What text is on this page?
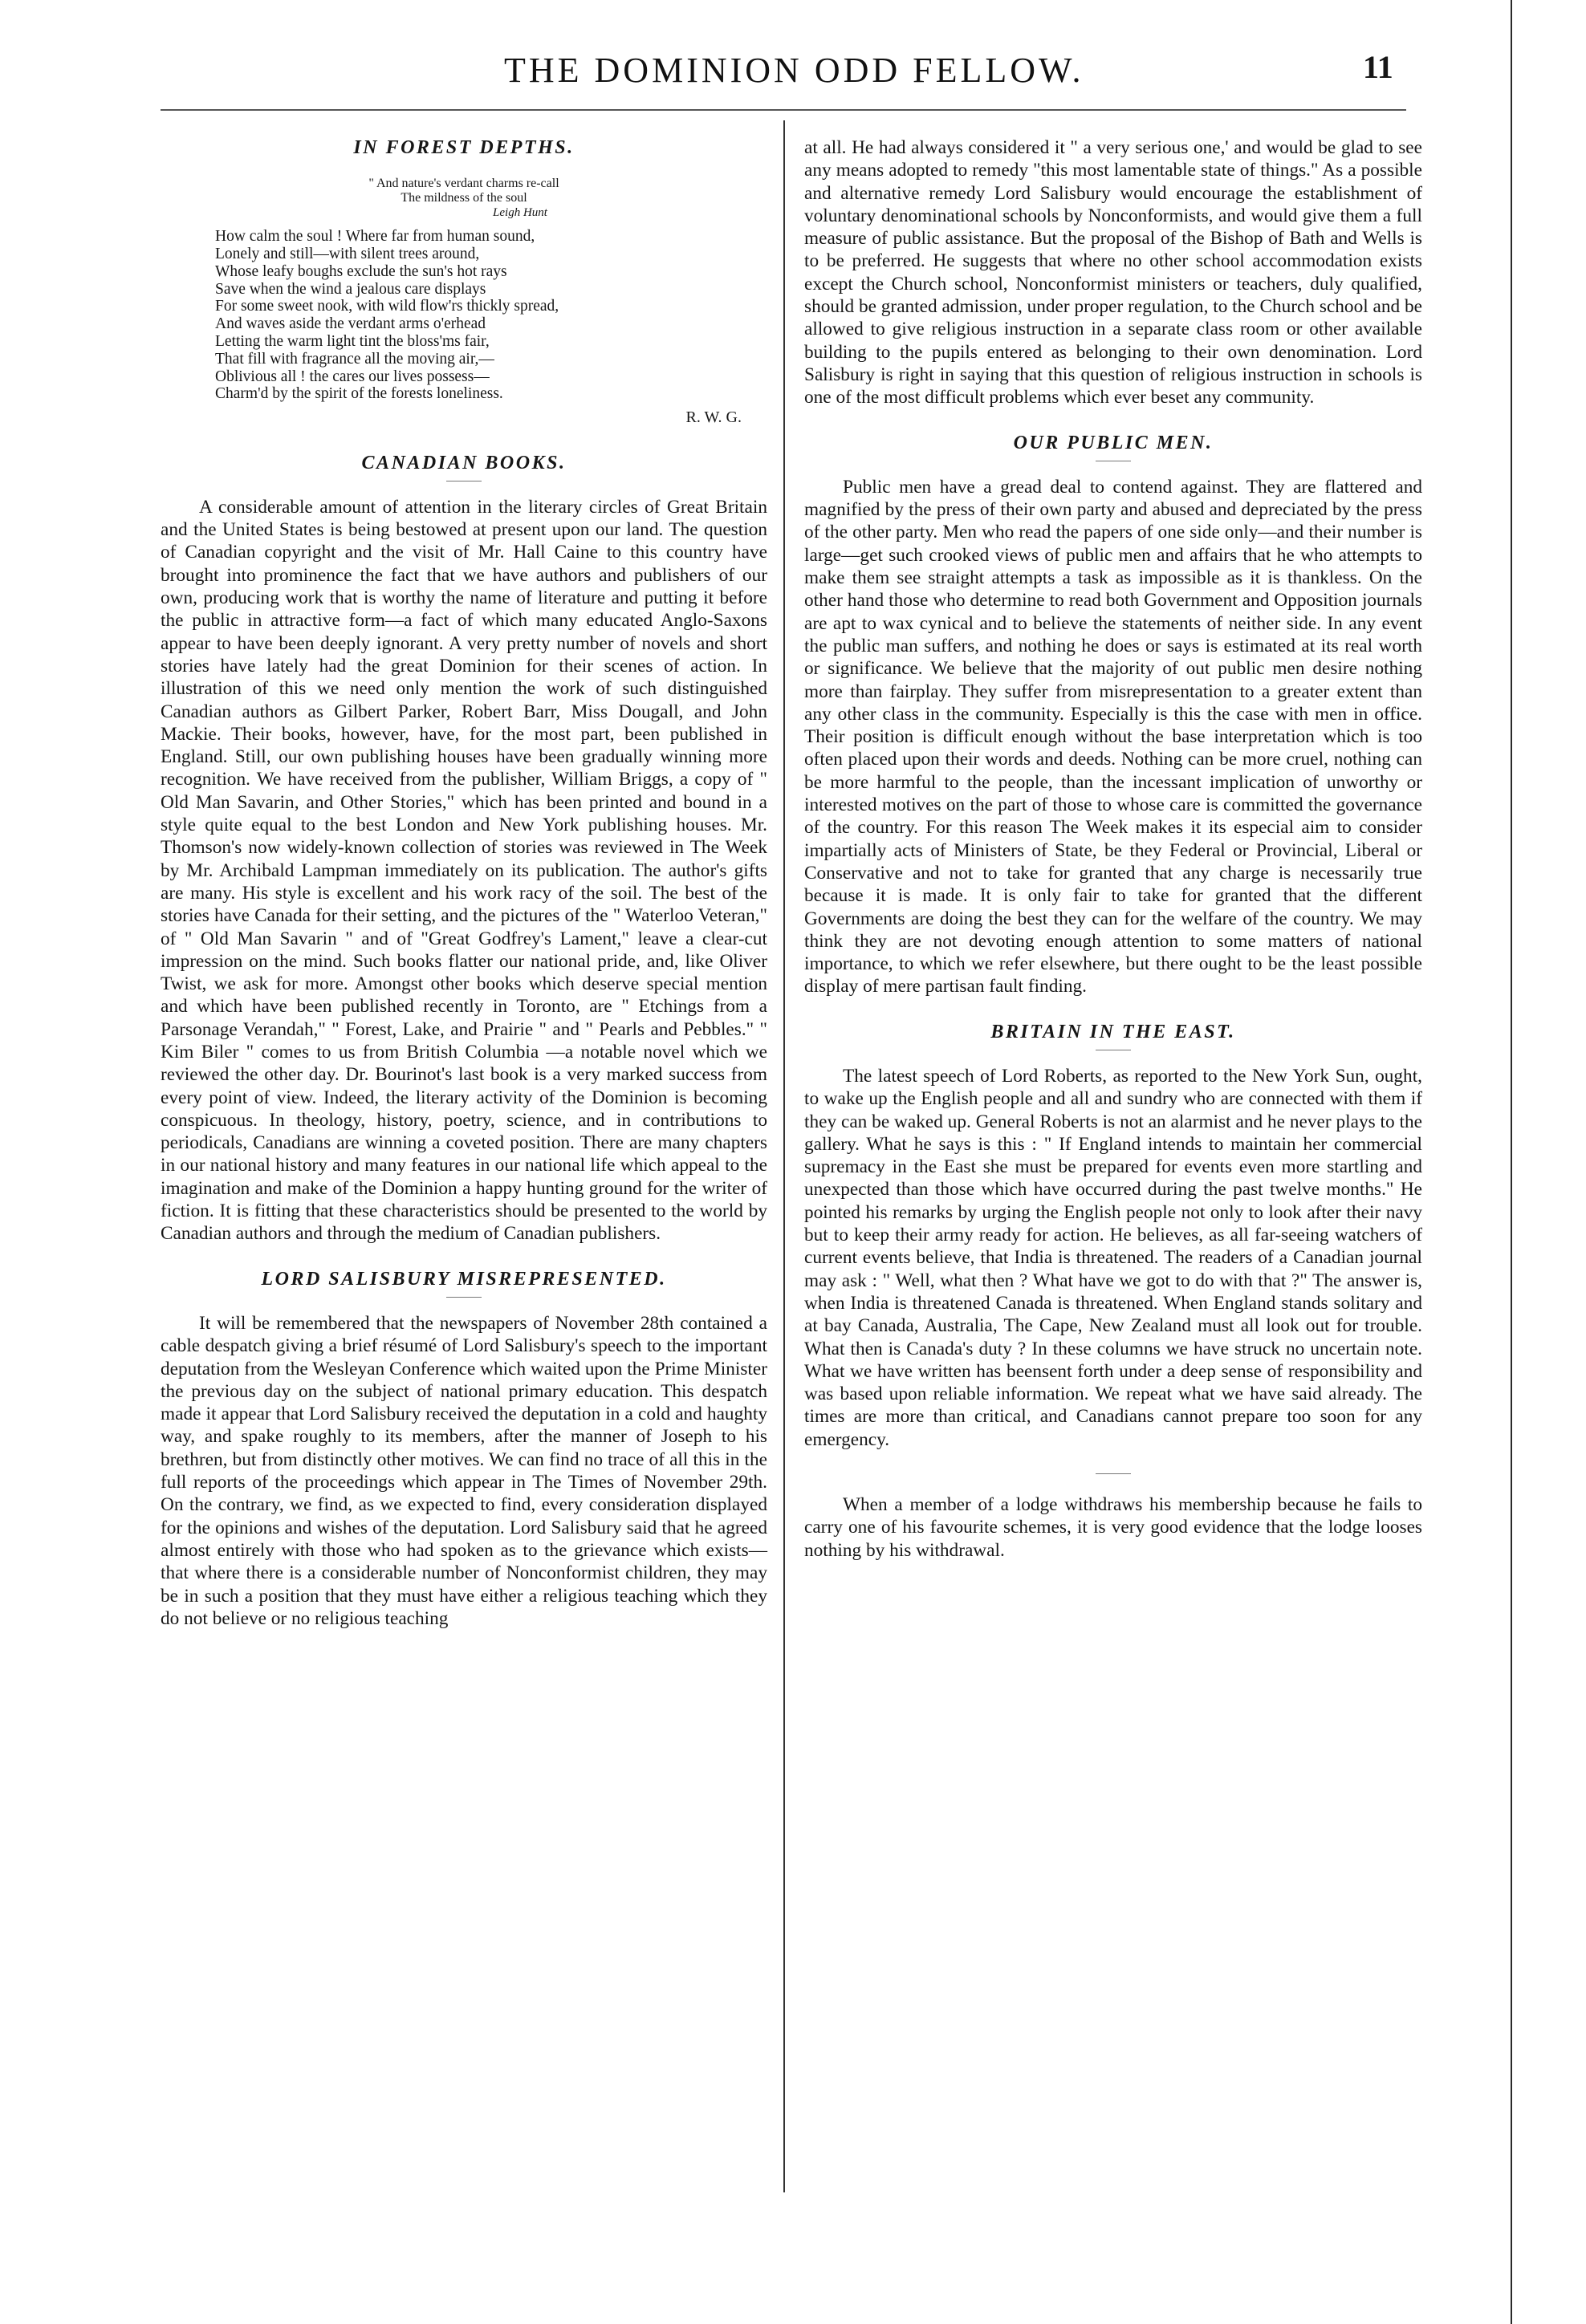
THE DOMINION ODD FELLOW.	11
IN FOREST DEPTHS.
" And nature's verdant charms re-call
The mildness of the soul
Leigh Hunt
How calm the soul ! Where far from human sound,
Lonely and still—with silent trees around,
Whose leafy boughs exclude the sun's hot rays
Save when the wind a jealous care displays
For some sweet nook, with wild flow'rs thickly spread,
And waves aside the verdant arms o'erhead
Letting the warm light tint the bloss'ms fair,
That fill with fragrance all the moving air,—
Oblivious all ! the cares our lives possess—
Charm'd by the spirit of the forests loneliness.
R. W. G.
CANADIAN BOOKS.

A considerable amount of attention in the literary circles of Great Britain and the United States is being bestowed at present upon our land. The question of Canadian copyright and the visit of Mr. Hall Caine to this country have brought into prominence the fact that we have authors and publishers of our own, producing work that is worthy the name of literature and putting it before the public in attractive form—a fact of which many educated Anglo-Saxons appear to have been deeply ignorant. A very pretty number of novels and short stories have lately had the great Dominion for their scenes of action. In illustration of this we need only mention the work of such distinguished Canadian authors as Gilbert Parker, Robert Barr, Miss Dougall, and John Mackie. Their books, however, have, for the most part, been published in England. Still, our own publishing houses have been gradually winning more recognition. We have received from the publisher, William Briggs, a copy of " Old Man Savarin, and Other Stories," which has been printed and bound in a style quite equal to the best London and New York publishing houses. Mr. Thomson's now widely-known collection of stories was reviewed in The Week by Mr. Archibald Lampman immediately on its publication. The author's gifts are many. His style is excellent and his work racy of the soil. The best of the stories have Canada for their setting, and the pictures of the " Waterloo Veteran," of " Old Man Savarin " and of "Great Godfrey's Lament," leave a clear-cut impression on the mind. Such books flatter our national pride, and, like Oliver Twist, we ask for more. Amongst other books which deserve special mention and which have been published recently in Toronto, are " Etchings from a Parsonage Verandah," " Forest, Lake, and Prairie " and " Pearls and Pebbles." " Kim Biler " comes to us from British Columbia —a notable novel which we reviewed the other day. Dr. Bourinot's last book is a very marked success from every point of view. Indeed, the literary activity of the Dominion is becoming conspicuous. In theology, history, poetry, science, and in contributions to periodicals, Canadians are winning a coveted position. There are many chapters in our national history and many features in our national life which appeal to the imagination and make of the Dominion a happy hunting ground for the writer of fiction. It is fitting that these characteristics should be presented to the world by Canadian authors and through the medium of Canadian publishers.

LORD SALISBURY MISREPRESENTED.

It will be remembered that the newspapers of November 28th contained a cable despatch giving a brief résumé of Lord Salisbury's speech to the important deputation from the Wesleyan Conference which waited upon the Prime Minister the previous day on the subject of national primary education. This despatch made it appear that Lord Salisbury received the deputation in a cold and haughty way, and spake roughly to its members, after the manner of Joseph to his brethren, but from distinctly other motives. We can find no trace of all this in the full reports of the proceedings which appear in The Times of November 29th. On the contrary, we find, as we expected to find, every consideration displayed for the opinions and wishes of the deputation. Lord Salisbury said that he agreed almost entirely with those who had spoken as to the grievance which exists—that where there is a considerable number of Nonconformist children, they may be in such a position that they must have either a religious teaching which they do not believe or no religious teaching

at all. He had always considered it " a very serious one,' and would be glad to see any means adopted to remedy "this most lamentable state of things." As a possible and alternative remedy Lord Salisbury would encourage the establishment of voluntary denominational schools by Nonconformists, and would give them a full measure of public assistance. But the proposal of the Bishop of Bath and Wells is to be preferred. He suggests that where no other school accommodation exists except the Church school, Nonconformist ministers or teachers, duly qualified, should be granted admission, under proper regulation, to the Church school and be allowed to give religious instruction in a separate class room or other available building to the pupils entered as belonging to their own denomination. Lord Salisbury is right in saying that this question of religious instruction in schools is one of the most difficult problems which ever beset any community.

OUR PUBLIC MEN.

Public men have a gread deal to contend against. They are flattered and magnified by the press of their own party and abused and depreciated by the press of the other party. Men who read the papers of one side only—and their number is large—get such crooked views of public men and affairs that he who attempts to make them see straight attempts a task as impossible as it is thankless. On the other hand those who determine to read both Government and Opposition journals are apt to wax cynical and to believe the statements of neither side. In any event the public man suffers, and nothing he does or says is estimated at its real worth or significance. We believe that the majority of out public men desire nothing more than fairplay. They suffer from misrepresentation to a greater extent than any other class in the community. Especially is this the case with men in office. Their position is difficult enough without the base interpretation which is too often placed upon their words and deeds. Nothing can be more cruel, nothing can be more harmful to the people, than the incessant implication of unworthy or interested motives on the part of those to whose care is committed the governance of the country. For this reason The Week makes it its especial aim to consider impartially acts of Ministers of State, be they Federal or Provincial, Liberal or Conservative and not to take for granted that any charge is necessarily true because it is made. It is only fair to take for granted that the different Governments are doing the best they can for the welfare of the country. We may think they are not devoting enough attention to some matters of national importance, to which we refer elsewhere, but there ought to be the least possible display of mere partisan fault finding.

BRITAIN IN THE EAST.

The latest speech of Lord Roberts, as reported to the New York Sun, ought, to wake up the English people and all and sundry who are connected with them if they can be waked up. General Roberts is not an alarmist and he never plays to the gallery. What he says is this : " If England intends to maintain her commercial supremacy in the East she must be prepared for events even more startling and unexpected than those which have occurred during the past twelve months." He pointed his remarks by urging the English people not only to look after their navy but to keep their army ready for action. He believes, as all far-seeing watchers of current events believe, that India is threatened. The readers of a Canadian journal may ask : " Well, what then ? What have we got to do with that ?" The answer is, when India is threatened Canada is threatened. When England stands solitary and at bay Canada, Australia, The Cape, New Zealand must all look out for trouble. What then is Canada's duty ? In these columns we have struck no uncertain note. What we have written has beensent forth under a deep sense of responsibility and was based upon reliable information. We repeat what we have said already. The times are more than critical, and Canadians cannot prepare too soon for any emergency.

When a member of a lodge withdraws his membership because he fails to carry one of his favourite schemes, it is very good evidence that the lodge looses nothing by his withdrawal.
